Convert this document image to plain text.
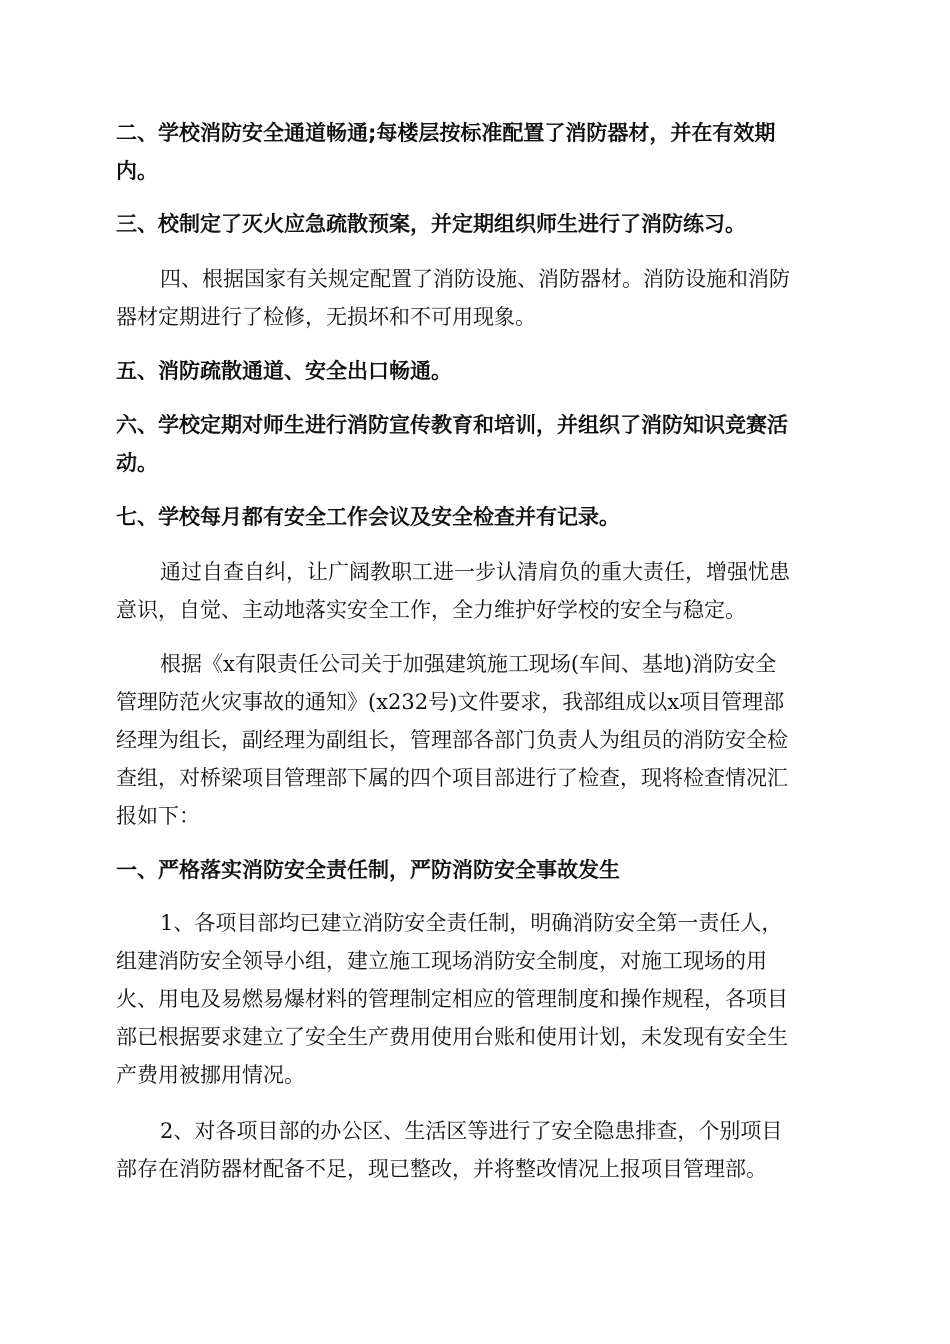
二、学校消防安全通道畅通;每楼层按标准配置了消防器材，并在有效期
内。
三、校制定了灭火应急疏散预案，并定期组织师生进行了消防练习。
四、根据国家有关规定配置了消防设施、消防器材。消防设施和消防
器材定期进行了检修，无损坏和不可用现象。
五、消防疏散通道、安全出口畅通。
六、学校定期对师生进行消防宣传教育和培训，并组织了消防知识竞赛活
动。
七、学校每月都有安全工作会议及安全检查并有记录。
通过自查自纠，让广阔教职工进一步认清肩负的重大责任，增强忧患
意识，自觉、主动地落实安全工作，全力维护好学校的安全与稳定。
根据《x有限责任公司关于加强建筑施工现场(车间、基地)消防安全
管理防范火灾事故的通知》(x232号)文件要求，我部组成以x项目管理部
经理为组长，副经理为副组长，管理部各部门负责人为组员的消防安全检
查组，对桥梁项目管理部下属的四个项目部进行了检查，现将检查情况汇
报如下：
一、严格落实消防安全责任制，严防消防安全事故发生
1、各项目部均已建立消防安全责任制，明确消防安全第一责任人，
组建消防安全领导小组，建立施工现场消防安全制度，对施工现场的用
火、用电及易燃易爆材料的管理制定相应的管理制度和操作规程，各项目
部已根据要求建立了安全生产费用使用台账和使用计划，未发现有安全生
产费用被挪用情况。
2、对各项目部的办公区、生活区等进行了安全隐患排查，个别项目
部存在消防器材配备不足，现已整改，并将整改情况上报项目管理部。
